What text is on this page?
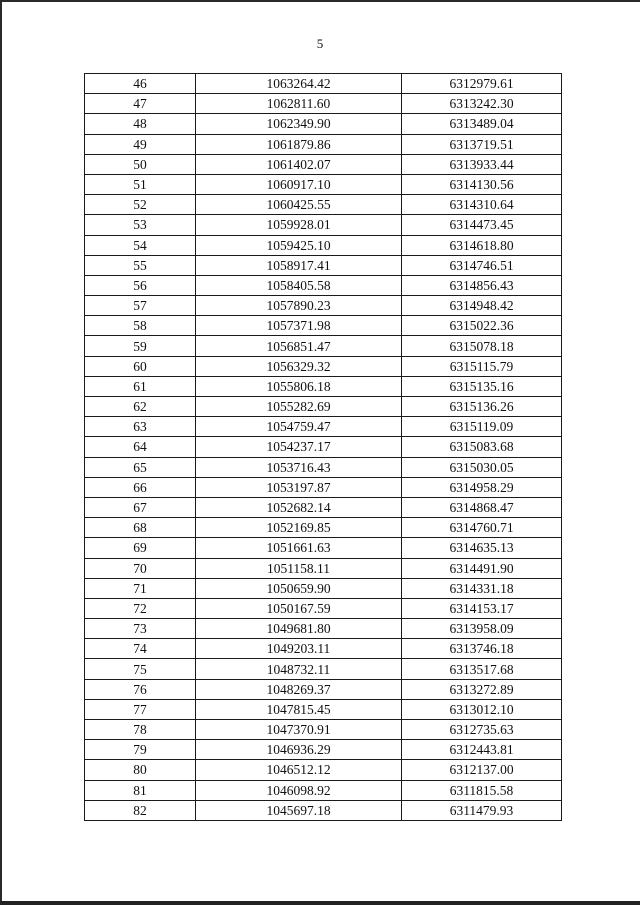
5
46	1063264.42	6312979.61
47	1062811.60	6313242.30
48	1062349.90	6313489.04
49	1061879.86	6313719.51
50	1061402.07	6313933.44
51	1060917.10	6314130.56
52	1060425.55	6314310.64
53	1059928.01	6314473.45
54	1059425.10	6314618.80
55	1058917.41	6314746.51
56	1058405.58	6314856.43
57	1057890.23	6314948.42
58	1057371.98	6315022.36
59	1056851.47	6315078.18
60	1056329.32	6315115.79
61	1055806.18	6315135.16
62	1055282.69	6315136.26
63	1054759.47	6315119.09
64	1054237.17	6315083.68
65	1053716.43	6315030.05
66	1053197.87	6314958.29
67	1052682.14	6314868.47
68	1052169.85	6314760.71
69	1051661.63	6314635.13
70	1051158.11	6314491.90
71	1050659.90	6314331.18
72	1050167.59	6314153.17
73	1049681.80	6313958.09
74	1049203.11	6313746.18
75	1048732.11	6313517.68
76	1048269.37	6313272.89
77	1047815.45	6313012.10
78	1047370.91	6312735.63
79	1046936.29	6312443.81
80	1046512.12	6312137.00
81	1046098.92	6311815.58
82	1045697.18	6311479.93
